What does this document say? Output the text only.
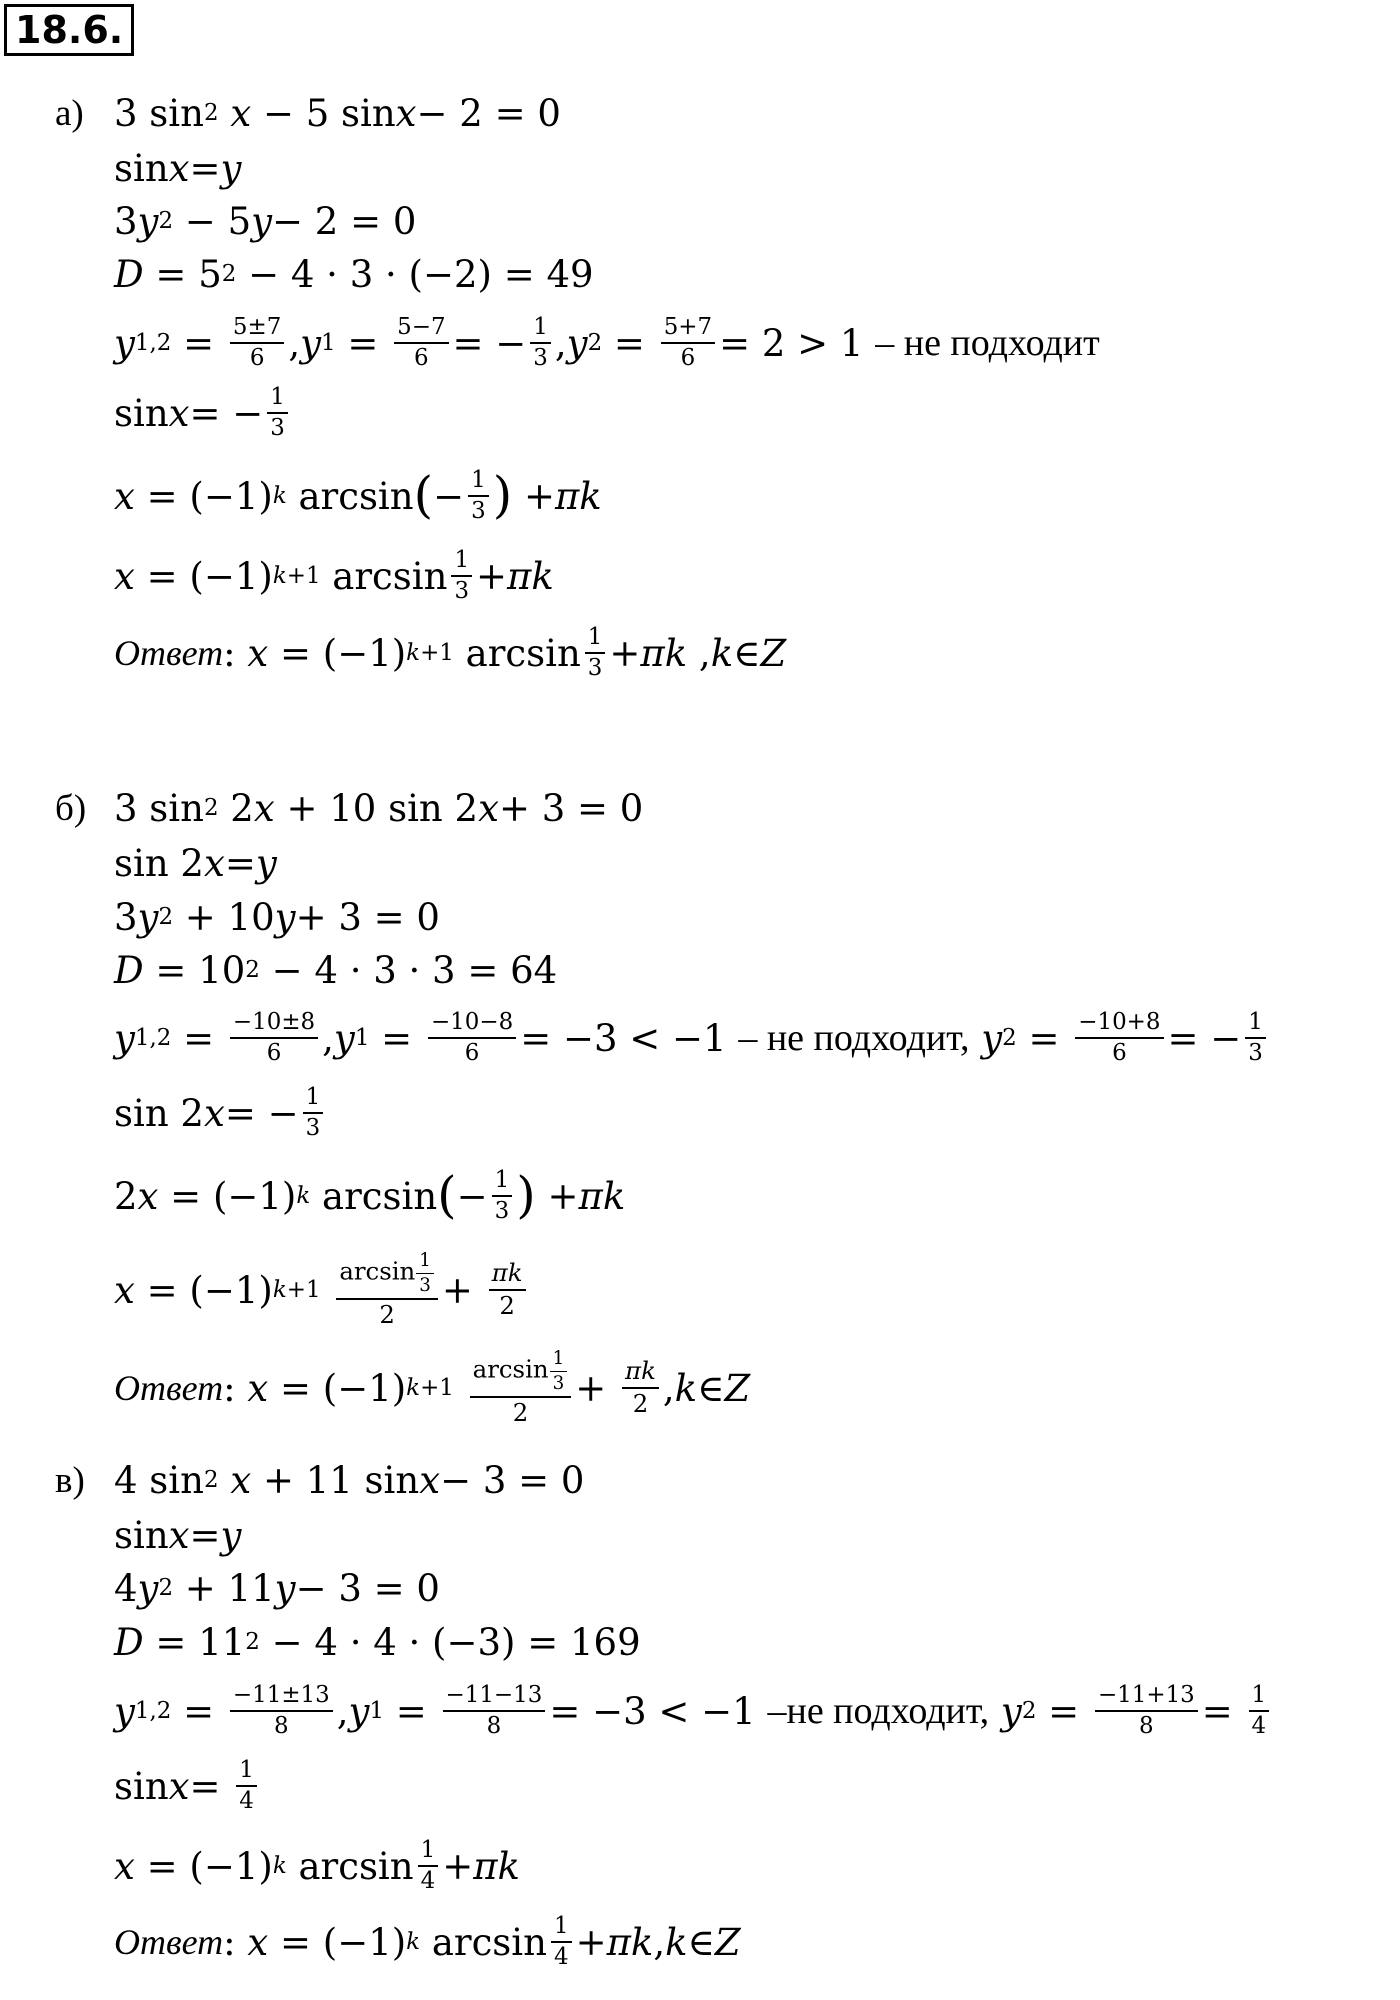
18.6.
а) 3 sin 2
x − 5 sin x − 2 = 0
sin x = y
3 y 2 − 5 y − 2 = 0
D = 5 2 − 4 · 3 · (−2) = 49
y $1,2 = \frac{5\pm 7}{6}$ , y $1 = \frac{5-7}{6}$ = − $\frac{1}{3}$ , y $2 = \frac{5+7}{6} = 2 > 1$ – не подходит
sin x = − $\frac{1}{3}$
x = (−1) k arcsin ( − $\frac{1}{3}$ ) + πk
x = (−1) k+1 $\arcsin \frac{1}{3} + \pi k$
Ответ : x = (−1) k+1 $\arcsin \frac{1}{3} + \pi k$ , k ∈ Z
б) 3 sin 2 2 x + 10 sin 2 x + 3 = 0
sin 2 x = y
3 y 2 + 10 y + 3 = 0
D = 10 2 − 4 · 3 · 3 = 64
y $1,2 = \frac{-10\pm 8}{6}$ , y $1 = \frac{-10-8}{6} = -3 < -1$ – не подходит,
y $2 = \frac{-10+8}{6}$ = − $\frac{1}{3}$
sin 2 x = − $\frac{1}{3}$
2 x = (−1) k arcsin ( − $\frac{1}{3}$ ) + πk
x = (−1) k+1
$\frac{\arcsin \frac{1}{3}}{2} + \frac{\pi k}{2}$
Ответ : x = (−1) k+1
$\frac{\arcsin \frac{1}{3}}{2} + \frac{\pi k}{2}$ , k ∈ Z
в) 4 sin 2
x + 11 sin x − 3 = 0
sin x = y
4 y 2 + 11 y − 3 = 0
D = 11 2 − 4 · 4 · (−3) = 169
y $1,2 = \frac{-11\pm 13}{8}$ , y $1 = \frac{-11-13}{8} = -3 < -1$ –не подходит,
y $2 = \frac{-11+13}{8} = \frac{1}{4}$
$\sin x = \frac{1}{4}$
x = (−1) k $\arcsin \frac{1}{4} + \pi k$
Ответ : x = (−1) k $\arcsin \frac{1}{4} + \pi k$ , k ∈ Z
